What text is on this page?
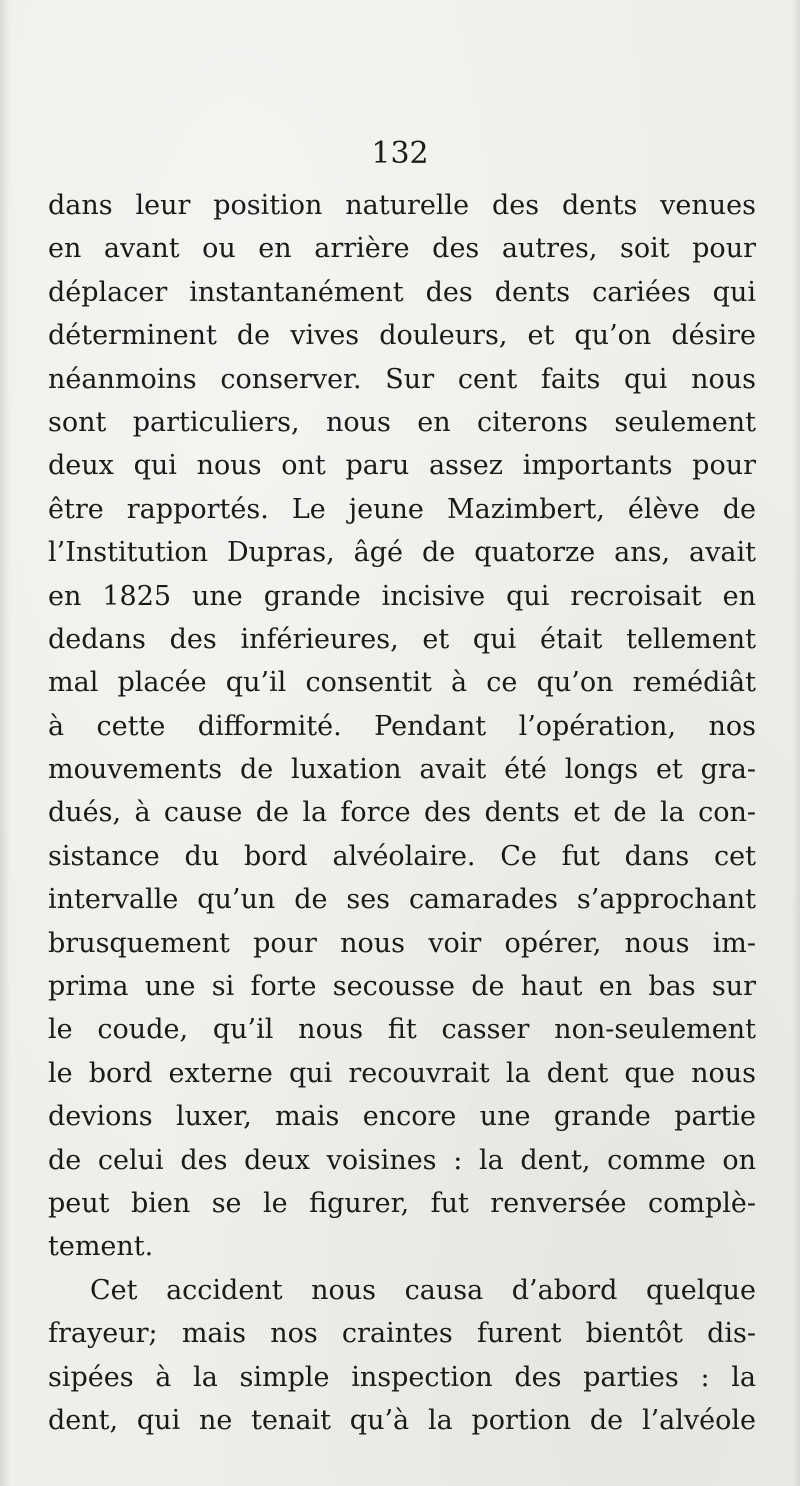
132
dans leur position naturelle des dents venues
en avant ou en arrière des autres, soit pour
déplacer instantanément des dents cariées qui
déterminent de vives douleurs, et qu’on désire
néanmoins conserver. Sur cent faits qui nous
sont particuliers, nous en citerons seulement
deux qui nous ont paru assez importants pour
être rapportés. Le jeune Mazimbert, élève de
l’Institution Dupras, âgé de quatorze ans, avait
en 1825 une grande incisive qui recroisait en
dedans des inférieures, et qui était tellement
mal placée qu’il consentit à ce qu’on remédiât
à cette difformité. Pendant l’opération, nos
mouvements de luxation avait été longs et gra-
dués, à cause de la force des dents et de la con-
sistance du bord alvéolaire. Ce fut dans cet
intervalle qu’un de ses camarades s’approchant
brusquement pour nous voir opérer, nous im-
prima une si forte secousse de haut en bas sur
le coude, qu’il nous fit casser non-seulement
le bord externe qui recouvrait la dent que nous
devions luxer, mais encore une grande partie
de celui des deux voisines : la dent, comme on
peut bien se le figurer, fut renversée complè-
tement.
Cet accident nous causa d’abord quelque
frayeur; mais nos craintes furent bientôt dis-
sipées à la simple inspection des parties : la
dent, qui ne tenait qu’à la portion de l’alvéole
